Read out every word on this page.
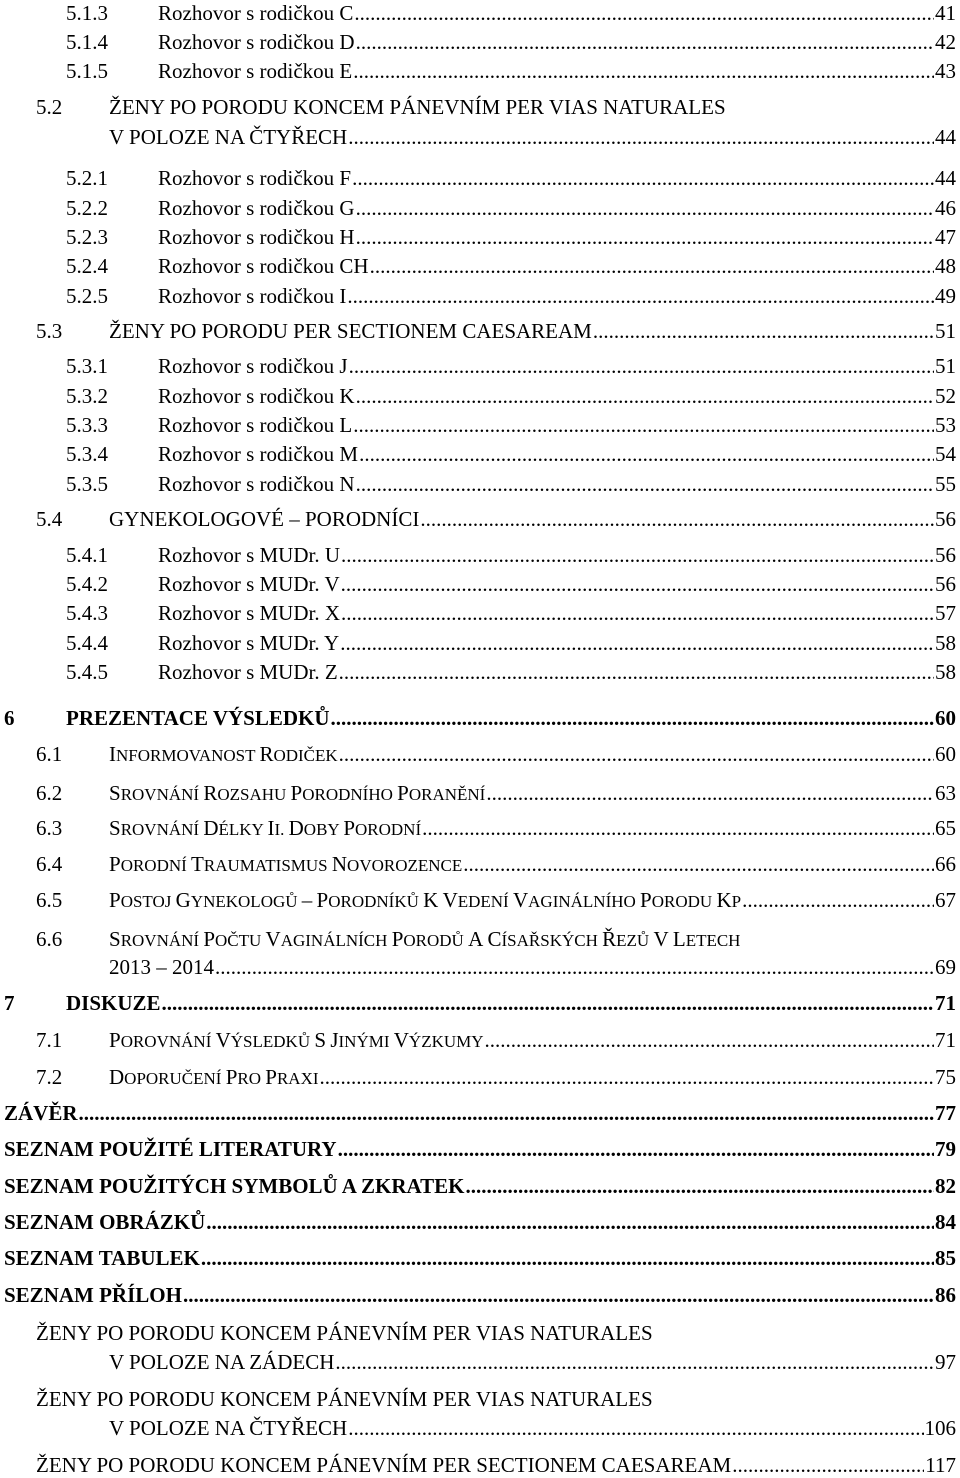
5.1.3	Rozhovor s rodičkou C .....	41
5.1.4	Rozhovor s rodičkou D .....	42
5.1.5	Rozhovor s rodičkou E .....	43
5.2 ŽENY PO PORODU KONCEM PÁNEVNÍM PER VIAS NATURALES
V POLOZE NA ČTYŘECH .....	44
5.2.1	Rozhovor s rodičkou F .....	44
5.2.2	Rozhovor s rodičkou G .....	46
5.2.3	Rozhovor s rodičkou H .....	47
5.2.4	Rozhovor s rodičkou CH .....	48
5.2.5	Rozhovor s rodičkou I .....	49
5.3	ŽENY PO PORODU PER SECTIONEM CAESAREAM .....	51
5.3.1	Rozhovor s rodičkou J .....	51
5.3.2	Rozhovor s rodičkou K .....	52
5.3.3	Rozhovor s rodičkou L .....	53
5.3.4	Rozhovor s rodičkou M .....	54
5.3.5	Rozhovor s rodičkou N .....	55
5.4	GYNEKOLOGOVÉ – PORODNÍCI .....	56
5.4.1	Rozhovor s MUDr. U .....	56
5.4.2	Rozhovor s MUDr. V .....	56
5.4.3	Rozhovor s MUDr. X .....	57
5.4.4	Rozhovor s MUDr. Y .....	58
5.4.5	Rozhovor s MUDr. Z .....	58
6	PREZENTACE VÝSLEDKŮ .....	60
6.1	INFORMOVANOST RODIČEK .....	60
6.2	SROVNÁNÍ ROZSAHU PORODNÍHO PORANĚNÍ .....	63
6.3	SROVNÁNÍ DÉLKY II. DOBY PORODNÍ .....	65
6.4	PORODNÍ TRAUMATISMUS NOVOROZENCE .....	66
6.5	POSTOJ GYNEKOLOGŮ – PORODNÍKŮ K VEDENÍ VAGINÁLNÍHO PORODU KP .....	67
6.6 SROVNÁNÍ POČTU VAGINÁLNÍCH PORODŮ A CÍSAŘSKÝCH ŘEZŮ V LETECH
2013 – 2014 .....	69
7	DISKUZE .....	71
7.1	POROVNÁNÍ VÝSLEDKŮ S JINÝMI VÝZKUMY .....	71
7.2	DOPORUČENÍ PRO PRAXI .....	75
ZÁVĚR .....	77
SEZNAM POUŽITÉ LITERATURY .....	79
SEZNAM POUŽITÝCH SYMBOLŮ A ZKRATEK .....	82
SEZNAM OBRÁZKŮ .....	84
SEZNAM TABULEK .....	85
SEZNAM PŘÍLOH .....	86
ŽENY PO PORODU KONCEM PÁNEVNÍM PER VIAS NATURALES
V POLOZE NA ZÁDECH .....	97
ŽENY PO PORODU KONCEM PÁNEVNÍM PER VIAS NATURALES
V POLOZE NA ČTYŘECH .....	106
ŽENY PO PORODU KONCEM PÁNEVNÍM PER SECTIONEM CAESAREAM .....	117
